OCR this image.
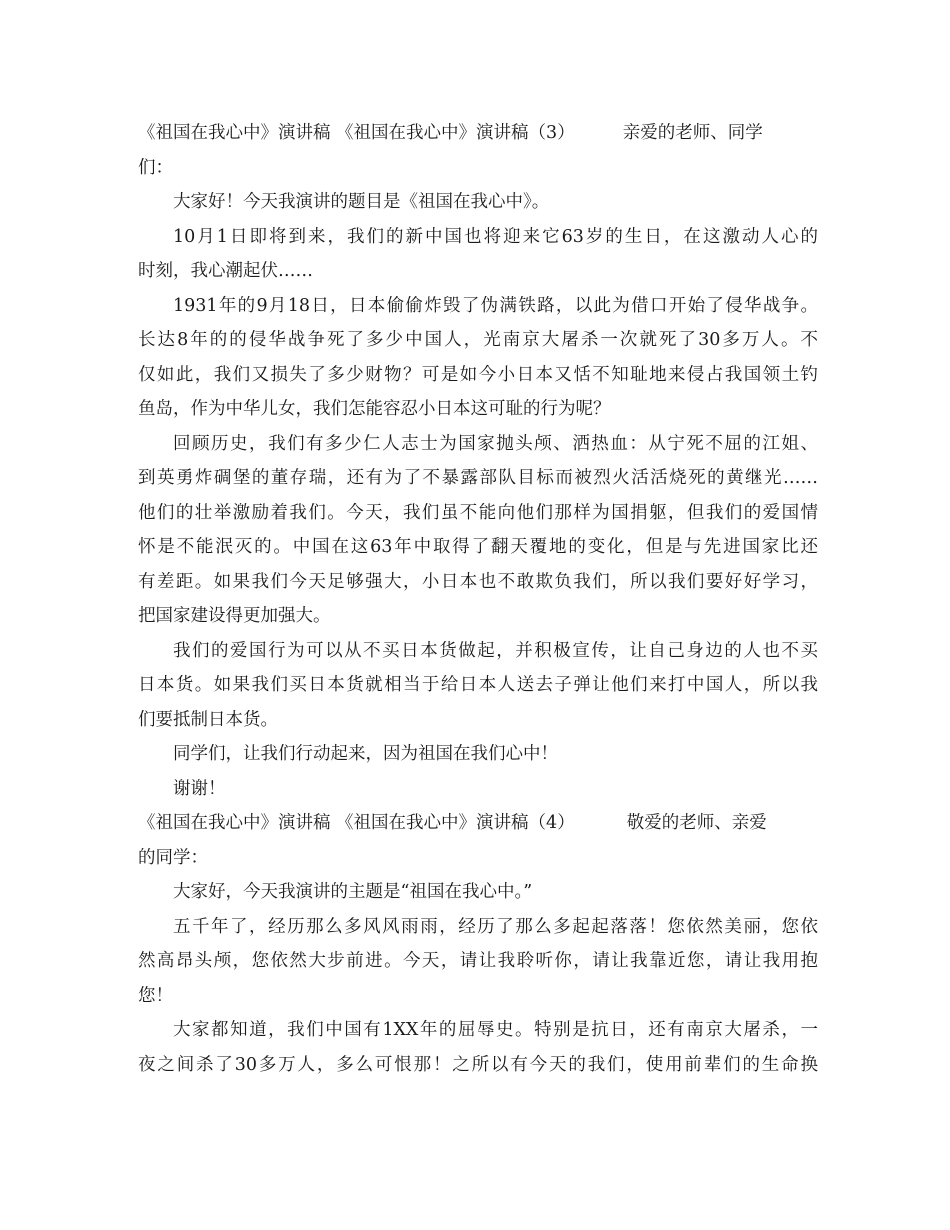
《祖国在我心中》演讲稿 《祖国在我心中》演讲稿（3）	亲爱的老师、同学
们：
大家好！今天我演讲的题目是《祖国在我心中》。
10月1日即将到来，我们的新中国也将迎来它63岁的生日，在这激动人心的
时刻，我心潮起伏……
1931年的9月18日，日本偷偷炸毁了伪满铁路，以此为借口开始了侵华战争。
长达8年的的侵华战争死了多少中国人，光南京大屠杀一次就死了30多万人。不
仅如此，我们又损失了多少财物？可是如今小日本又恬不知耻地来侵占我国领土钓
鱼岛，作为中华儿女，我们怎能容忍小日本这可耻的行为呢？
回顾历史，我们有多少仁人志士为国家抛头颅、洒热血：从宁死不屈的江姐、
到英勇炸碉堡的董存瑞，还有为了不暴露部队目标而被烈火活活烧死的黄继光……
他们的壮举激励着我们。今天，我们虽不能向他们那样为国捐躯，但我们的爱国情
怀是不能泯灭的。中国在这63年中取得了翻天覆地的变化，但是与先进国家比还
有差距。如果我们今天足够强大，小日本也不敢欺负我们，所以我们要好好学习，
把国家建设得更加强大。
我们的爱国行为可以从不买日本货做起，并积极宣传，让自己身边的人也不买
日本货。如果我们买日本货就相当于给日本人送去子弹让他们来打中国人，所以我
们要抵制日本货。
同学们，让我们行动起来，因为祖国在我们心中！
谢谢！
《祖国在我心中》演讲稿 《祖国在我心中》演讲稿（4）	敬爱的老师、亲爱
的同学：
大家好，今天我演讲的主题是“祖国在我心中。”
五千年了，经历那么多风风雨雨，经历了那么多起起落落！您依然美丽，您依
然高昂头颅，您依然大步前进。今天，请让我聆听你，请让我靠近您，请让我用抱
您！
大家都知道，我们中国有1XX年的屈辱史。特别是抗日，还有南京大屠杀，一
夜之间杀了30多万人，多么可恨那！之所以有今天的我们，使用前辈们的生命换
